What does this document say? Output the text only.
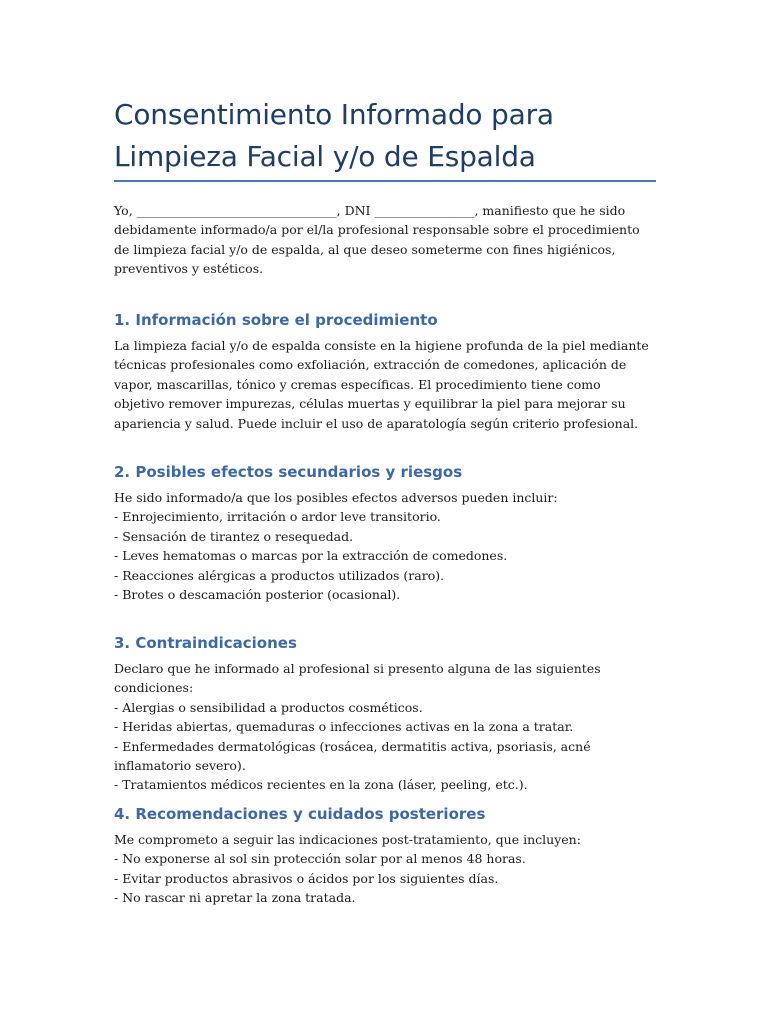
Consentimiento Informado para
Limpieza Facial y/o de Espalda

Yo, ________________________________, DNI ________________, manifiesto que he sido debidamente informado/a por el/la profesional responsable sobre el procedimiento de limpieza facial y/o de espalda, al que deseo someterme con fines higiénicos, preventivos y estéticos.

1. Información sobre el procedimiento

La limpieza facial y/o de espalda consiste en la higiene profunda de la piel mediante técnicas profesionales como exfoliación, extracción de comedones, aplicación de vapor, mascarillas, tónico y cremas específicas. El procedimiento tiene como objetivo remover impurezas, células muertas y equilibrar la piel para mejorar su apariencia y salud. Puede incluir el uso de aparatología según criterio profesional.

2. Posibles efectos secundarios y riesgos

He sido informado/a que los posibles efectos adversos pueden incluir:
- Enrojecimiento, irritación o ardor leve transitorio.
- Sensación de tirantez o resequedad.
- Leves hematomas o marcas por la extracción de comedones.
- Reacciones alérgicas a productos utilizados (raro).
- Brotes o descamación posterior (ocasional).

3. Contraindicaciones

Declaro que he informado al profesional si presento alguna de las siguientes condiciones:
- Alergias o sensibilidad a productos cosméticos.
- Heridas abiertas, quemaduras o infecciones activas en la zona a tratar.
- Enfermedades dermatológicas (rosácea, dermatitis activa, psoriasis, acné inflamatorio severo).
- Tratamientos médicos recientes en la zona (láser, peeling, etc.).

4. Recomendaciones y cuidados posteriores

Me comprometo a seguir las indicaciones post-tratamiento, que incluyen:
- No exponerse al sol sin protección solar por al menos 48 horas.
- Evitar productos abrasivos o ácidos por los siguientes días.
- No rascar ni apretar la zona tratada.
